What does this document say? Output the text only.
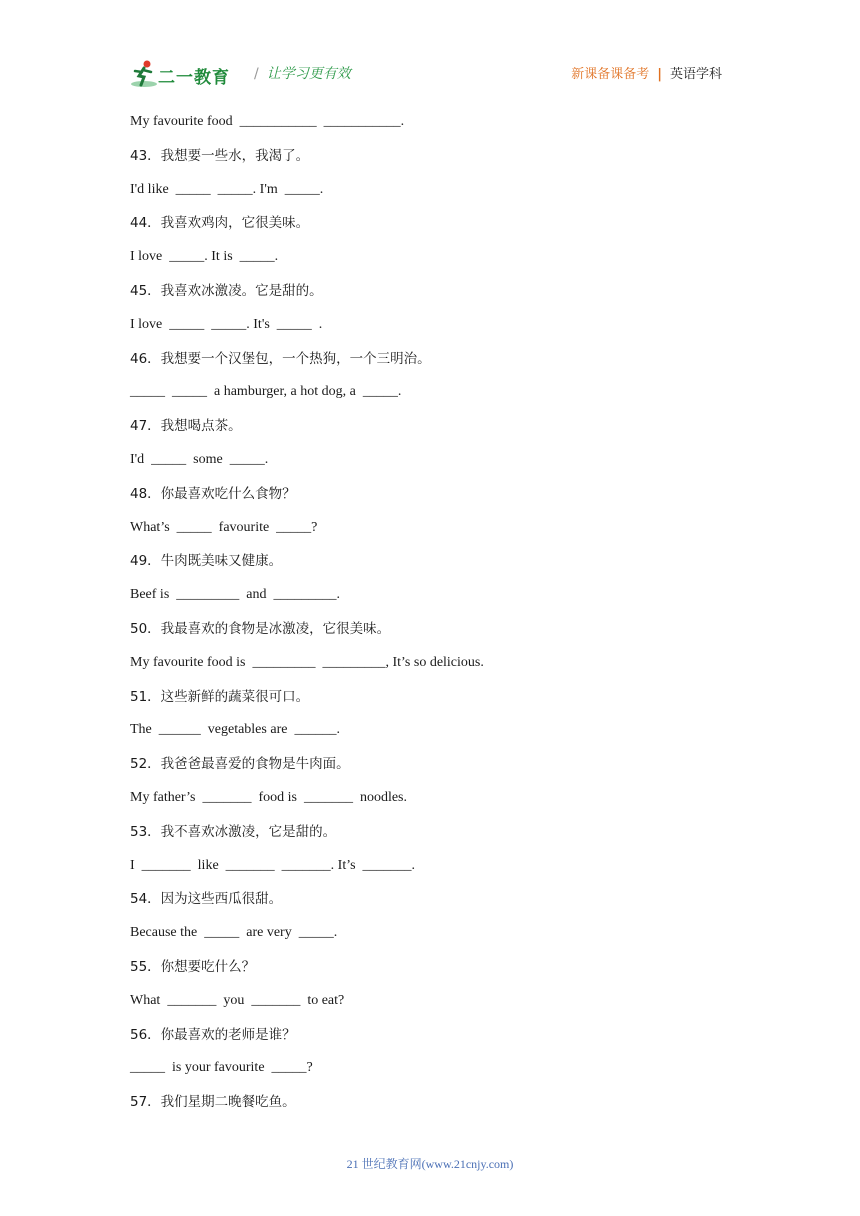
二一教育 / 让学习更有效	新课备课备考 | 英语学科
My favourite food  ___________  ___________.
43．我想要一些水，我渴了。
I'd like  _____  _____. I'm  _____.
44．我喜欢鸡肉，它很美味。
I love  _____. It is  _____.
45．我喜欢冰激凌。它是甜的。
I love  _____  _____. It's  _____  .
46．我想要一个汉堡包，一个热狗，一个三明治。
_____  _____  a hamburger, a hot dog, a  _____.
47．我想喝点茶。
I'd  _____  some  _____.
48．你最喜欢吃什么食物？
What’s  _____  favourite  _____?
49．牛肉既美味又健康。
Beef is  _________  and  _________.
50．我最喜欢的食物是冰激凌，它很美味。
My favourite food is  _________  _________, It’s so delicious.
51．这些新鲜的蔬菜很可口。
The  ______  vegetables are  ______.
52．我爸爸最喜爱的食物是牛肉面。
My father’s  _______  food is  _______  noodles.
53．我不喜欢冰激凌，它是甜的。
I  _______  like  _______  _______. It’s  _______.
54．因为这些西瓜很甜。
Because the  _____  are very  _____.
55．你想要吃什么？
What  _______  you  _______  to eat?
56．你最喜欢的老师是谁？
_____  is your favourite  _____?
57．我们星期二晚餐吃鱼。
21 世纪教育网(www.21cnjy.com)
